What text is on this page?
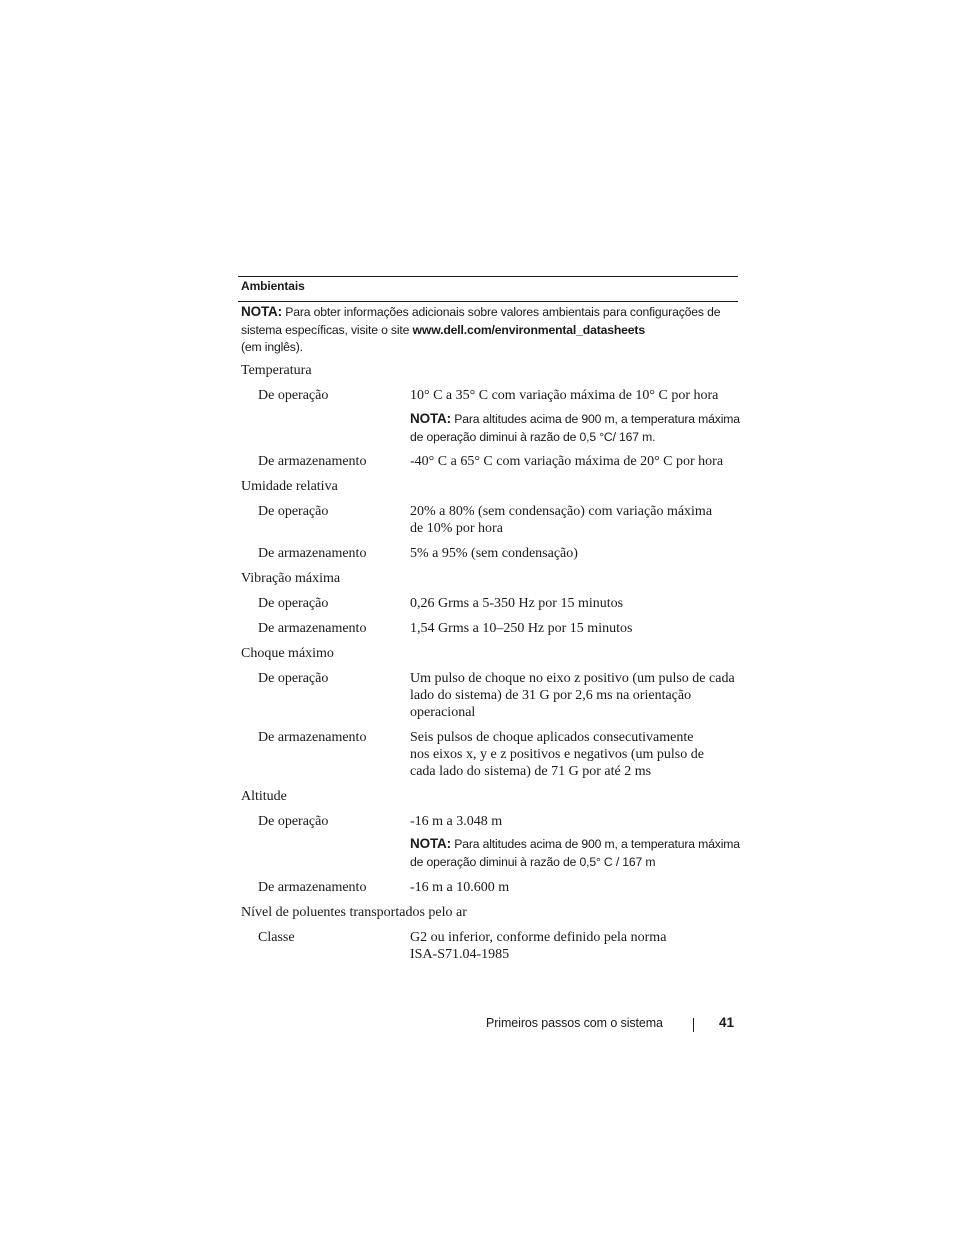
Ambientais
NOTA: Para obter informações adicionais sobre valores ambientais para configurações de sistema específicas, visite o site www.dell.com/environmental_datasheets
(em inglês).
Temperatura
De operação	10° C a 35° C com variação máxima de 10° C por hora
NOTA: Para altitudes acima de 900 m, a temperatura máxima de operação diminui à razão de 0,5 °C/ 167 m.
De armazenamento	-40° C a 65° C com variação máxima de 20° C por hora
Umidade relativa
De operação	20% a 80% (sem condensação) com variação máxima de 10% por hora
De armazenamento	5% a 95% (sem condensação)
Vibração máxima
De operação	0,26 Grms a 5-350 Hz por 15 minutos
De armazenamento	1,54 Grms a 10–250 Hz por 15 minutos
Choque máximo
De operação	Um pulso de choque no eixo z positivo (um pulso de cada lado do sistema) de 31 G por 2,6 ms na orientação operacional
De armazenamento	Seis pulsos de choque aplicados consecutivamente nos eixos x, y e z positivos e negativos (um pulso de cada lado do sistema) de 71 G por até 2 ms
Altitude
De operação	-16 m a 3.048 m
NOTA: Para altitudes acima de 900 m, a temperatura máxima de operação diminui à razão de 0,5° C / 167 m
De armazenamento	-16 m a 10.600 m
Nível de poluentes transportados pelo ar
Classe	G2 ou inferior, conforme definido pela norma ISA-S71.04-1985
Primeiros passos com o sistema	41
